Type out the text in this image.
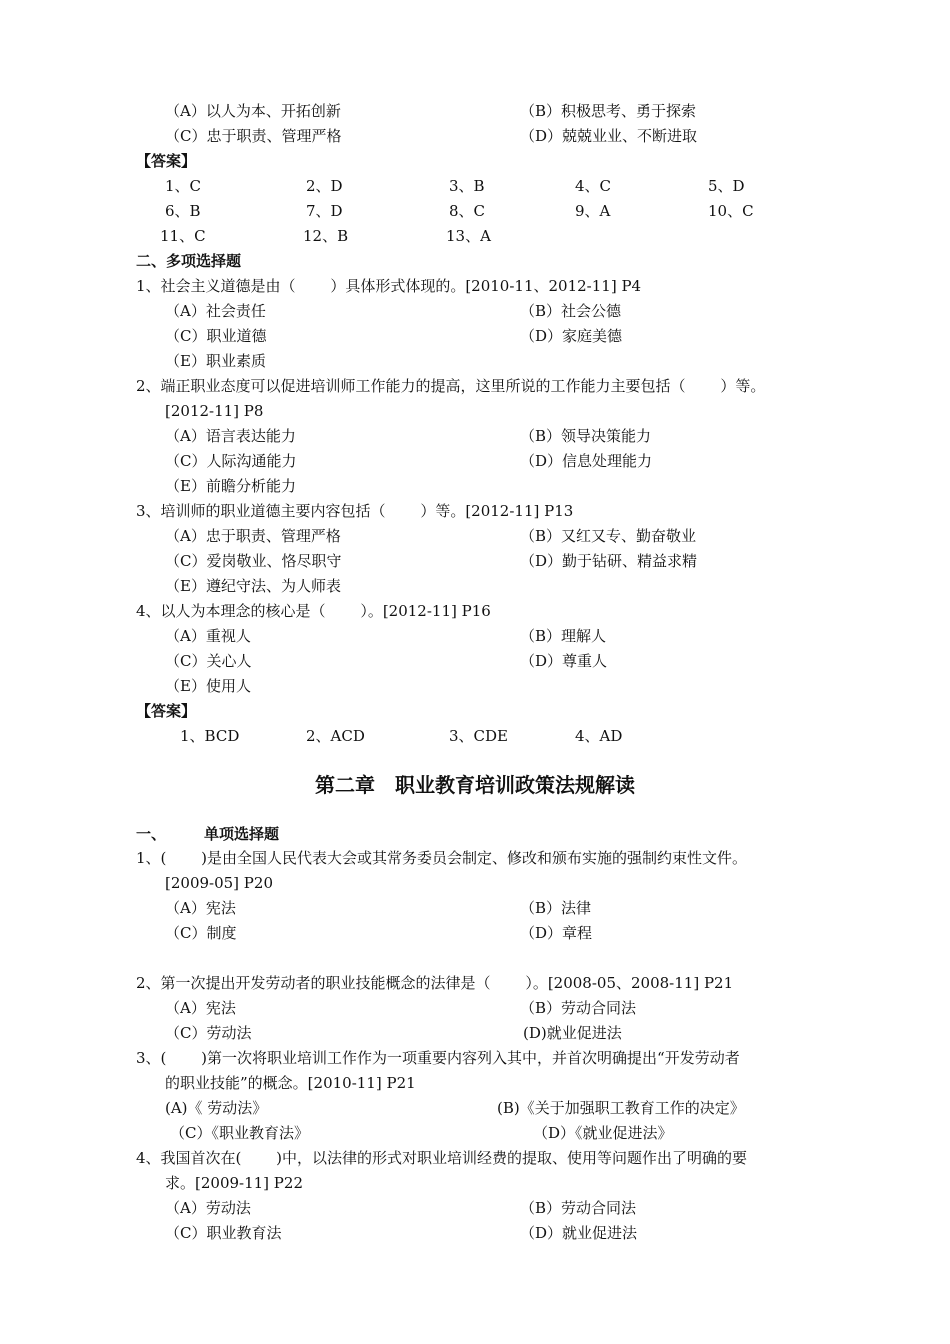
（A）以人为本、开拓创新	（B）积极思考、勇于探索
（C）忠于职责、管理严格	（D）兢兢业业、不断进取
【答案】
1、C	2、D	3、B	4、C	5、D
6、B	7、D	8、C	9、A	10、C
11、C	12、B	13、A
二、多项选择题
1、社会主义道德是由（　　 ）具体形式体现的。[2010-11、2012-11] P4
（A）社会责任	（B）社会公德
（C）职业道德	（D）家庭美德
（E）职业素质
2、端正职业态度可以促进培训师工作能力的提高，这里所说的工作能力主要包括（　　 ）等。
[2012-11] P8
（A）语言表达能力	（B）领导决策能力
（C）人际沟通能力	（D）信息处理能力
（E）前瞻分析能力
3、培训师的职业道德主要内容包括（　　 ）等。[2012-11] P13
（A）忠于职责、管理严格	（B）又红又专、勤奋敬业
（C）爱岗敬业、恪尽职守	（D）勤于钻研、精益求精
（E）遵纪守法、为人师表
4、以人为本理念的核心是（　　 ）。[2012-11] P16
（A）重视人	（B）理解人
（C）关心人	（D）尊重人
（E）使用人
【答案】
1、BCD	2、ACD	3、CDE	4、AD
第二章　职业教育培训政策法规解读
一、	单项选择题
1、(　　 )是由全国人民代表大会或其常务委员会制定、修改和颁布实施的强制约束性文件。
[2009-05] P20
（A）宪法	（B）法律
（C）制度	（D）章程
2、第一次提出开发劳动者的职业技能概念的法律是（　　 ）。[2008-05、2008-11] P21
（A）宪法	（B）劳动合同法
（C）劳动法	(D)就业促进法
3、(　　 )第一次将职业培训工作作为一项重要内容列入其中，并首次明确提出“开发劳动者
的职业技能”的概念。[2010-11] P21
(A)《 劳动法》	(B)《关于加强职工教育工作的决定》
（C）《职业教育法》	（D）《就业促进法》
4、我国首次在(　　 )中，以法律的形式对职业培训经费的提取、使用等问题作出了明确的要
求。[2009-11] P22
（A）劳动法	（B）劳动合同法
（C）职业教育法	（D）就业促进法
